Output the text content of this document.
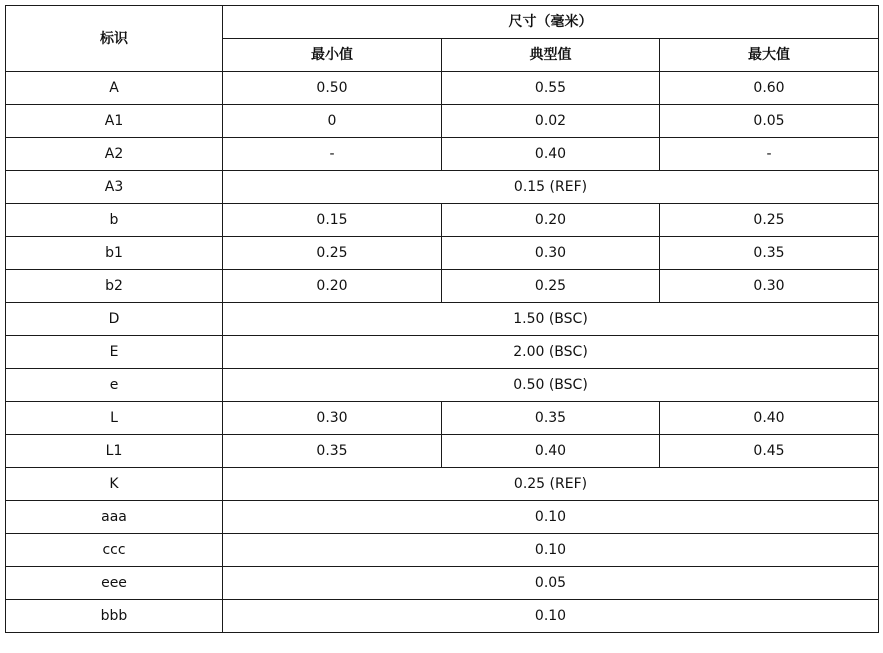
标识	尺寸（毫米）		
	最小值	典型值	最大值
A	0.50	0.55	0.60
A1	0	0.02	0.05
A2	-	0.40	-
A3	0.15 (REF)		
b	0.15	0.20	0.25
b1	0.25	0.30	0.35
b2	0.20	0.25	0.30
D	1.50 (BSC)		
E	2.00 (BSC)		
e	0.50 (BSC)		
L	0.30	0.35	0.40
L1	0.35	0.40	0.45
K	0.25 (REF)		
aaa	0.10		
ccc	0.10		
eee	0.05		
bbb	0.10		
